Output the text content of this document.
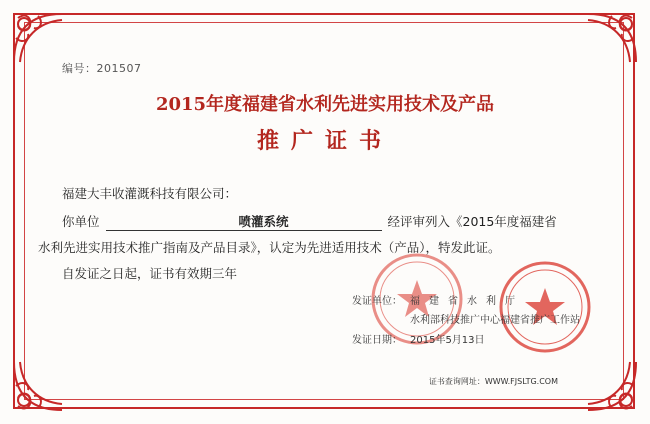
编号：201507
2015年度福建省水利先进实用技术及产品
推广证书
福建大丰收灌溉科技有限公司：
你单位	喷灌系统	经评审列入《2015年度福建省
水利先进实用技术推广指南及产品目录》，认定为先进适用技术（产品），特发此证。
自发证之日起，证书有效期三年
发证单位： 福建省水利厅
水利部科技推广中心福建省推广工作站
发证日期： 2015年5月13日
证书查询网址：WWW.FJSLTG.COM
